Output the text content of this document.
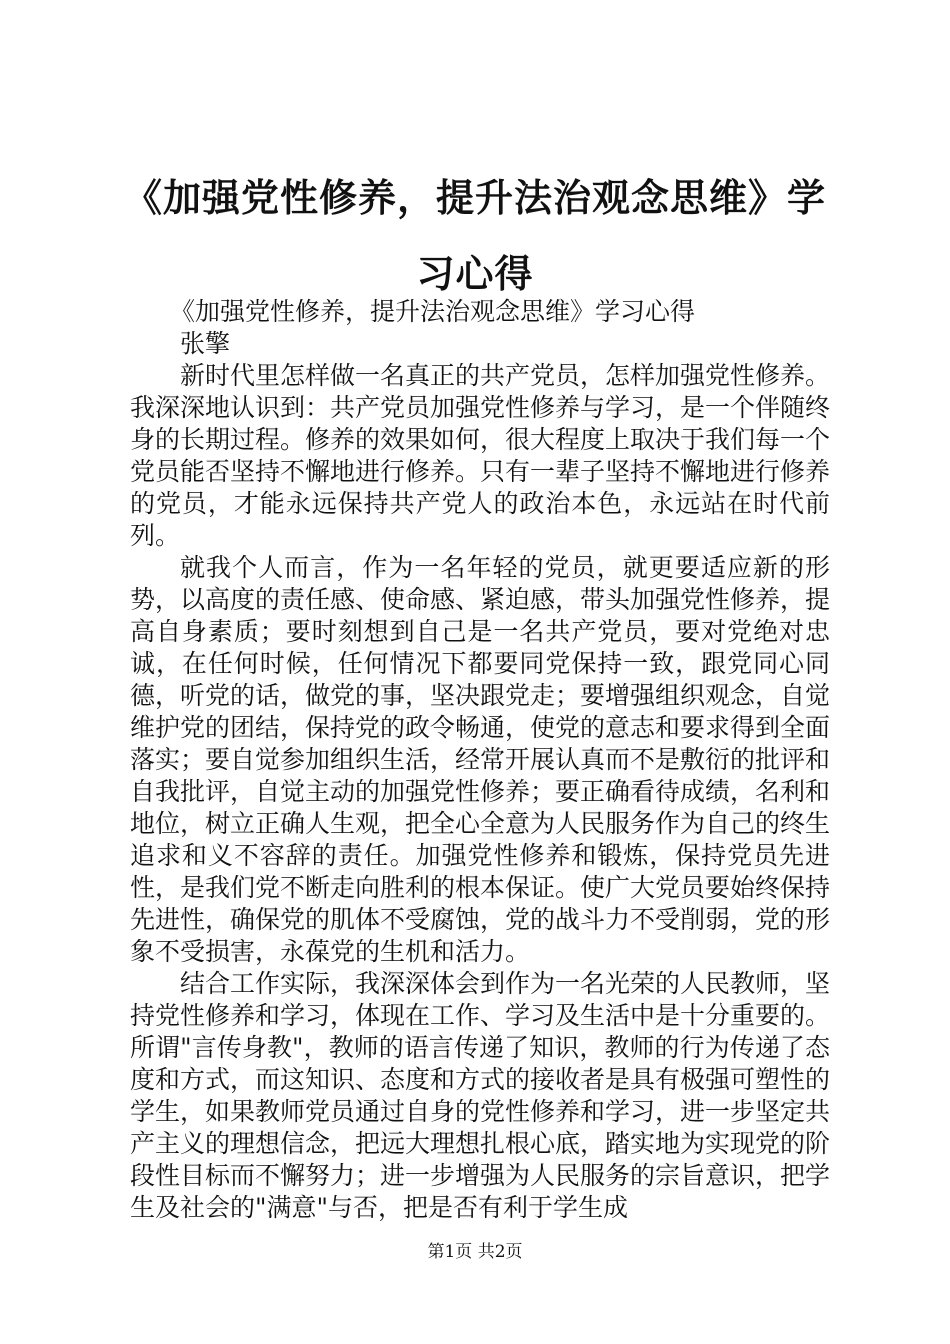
《加强党性修养，提升法治观念思维》学习心得

《加强党性修养，提升法治观念思维》学习心得

张擎

新时代里怎样做一名真正的共产党员，怎样加强党性修养。我深深地认识到：共产党员加强党性修养与学习，是一个伴随终身的长期过程。修养的效果如何，很大程度上取决于我们每一个党员能否坚持不懈地进行修养。只有一辈子坚持不懈地进行修养的党员，才能永远保持共产党人的政治本色，永远站在时代前列。

就我个人而言，作为一名年轻的党员，就更要适应新的形势，以高度的责任感、使命感、紧迫感，带头加强党性修养，提高自身素质；要时刻想到自己是一名共产党员，要对党绝对忠诚，在任何时候，任何情况下都要同党保持一致，跟党同心同德，听党的话，做党的事，坚决跟党走；要增强组织观念，自觉维护党的团结，保持党的政令畅通，使党的意志和要求得到全面落实；要自觉参加组织生活，经常开展认真而不是敷衍的批评和自我批评，自觉主动的加强党性修养；要正确看待成绩，名利和地位，树立正确人生观，把全心全意为人民服务作为自己的终生追求和义不容辞的责任。加强党性修养和锻炼，保持党员先进性，是我们党不断走向胜利的根本保证。使广大党员要始终保持先进性，确保党的肌体不受腐蚀，党的战斗力不受削弱，党的形象不受损害，永葆党的生机和活力。

结合工作实际，我深深体会到作为一名光荣的人民教师，坚持党性修养和学习，体现在工作、学习及生活中是十分重要的。所谓"言传身教"，教师的语言传递了知识，教师的行为传递了态度和方式，而这知识、态度和方式的接收者是具有极强可塑性的学生，如果教师党员通过自身的党性修养和学习，进一步坚定共产主义的理想信念，把远大理想扎根心底，踏实地为实现党的阶段性目标而不懈努力；进一步增强为人民服务的宗旨意识，把学生及社会的"满意"与否，把是否有利于学生成

第1页 共2页
